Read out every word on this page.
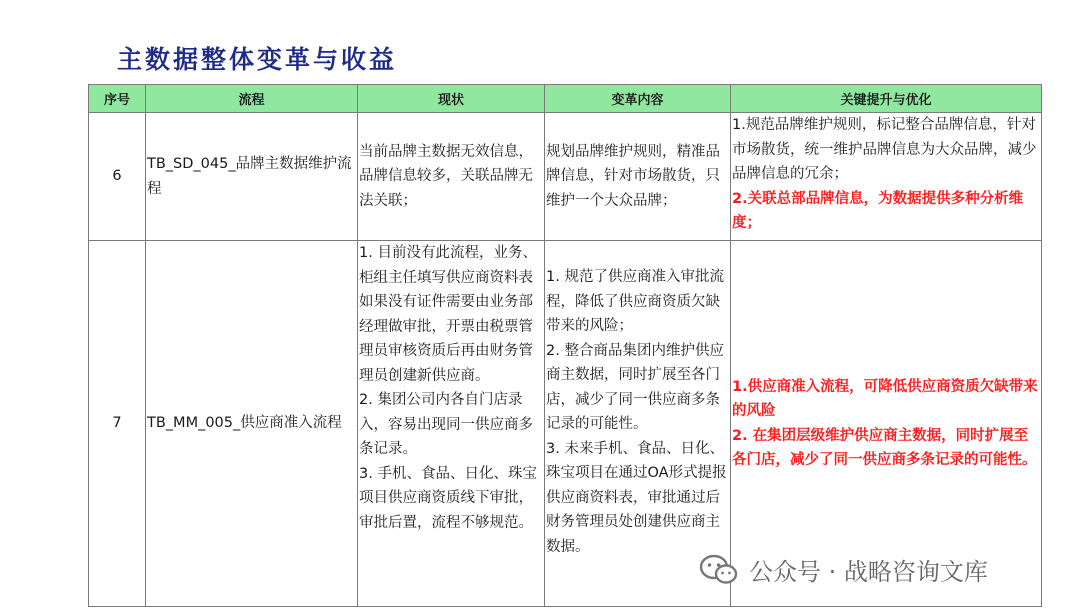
主数据整体变革与收益
序号	流程	现状	变革内容	关键提升与优化
6	TB_SD_045_品牌主数据维护流程	当前品牌主数据无效信息，品牌信息较多，关联品牌无法关联；	规划品牌维护规则，精准品牌信息，针对市场散货，只维护一个大众品牌；	1.规范品牌维护规则，标记整合品牌信息，针对市场散货，统一维护品牌信息为大众品牌，减少品牌信息的冗余；
2.关联总部品牌信息，为数据提供多种分析维度；

7	TB_MM_005_供应商准入流程	1. 目前没有此流程，业务、柜组主任填写供应商资料表如果没有证件需要由业务部经理做审批，开票由税票管理员审核资质后再由财务管理员创建新供应商。
2. 集团公司内各自门店录入，容易出现同一供应商多条记录。
3. 手机、食品、日化、珠宝项目供应商资质线下审批，审批后置，流程不够规范。	1. 规范了供应商准入审批流程，降低了供应商资质欠缺带来的风险；
2. 整合商品集团内维护供应商主数据，同时扩展至各门店，减少了同一供应商多条记录的可能性。
3. 未来手机、食品、日化、珠宝项目在通过OA形式提报供应商资料表，审批通过后财务管理员处创建供应商主数据。	1.供应商准入流程，可降低供应商资质欠缺带来的风险
2. 在集团层级维护供应商主数据，同时扩展至各门店，减少了同一供应商多条记录的可能性。
公众号 · 战略咨询文库
